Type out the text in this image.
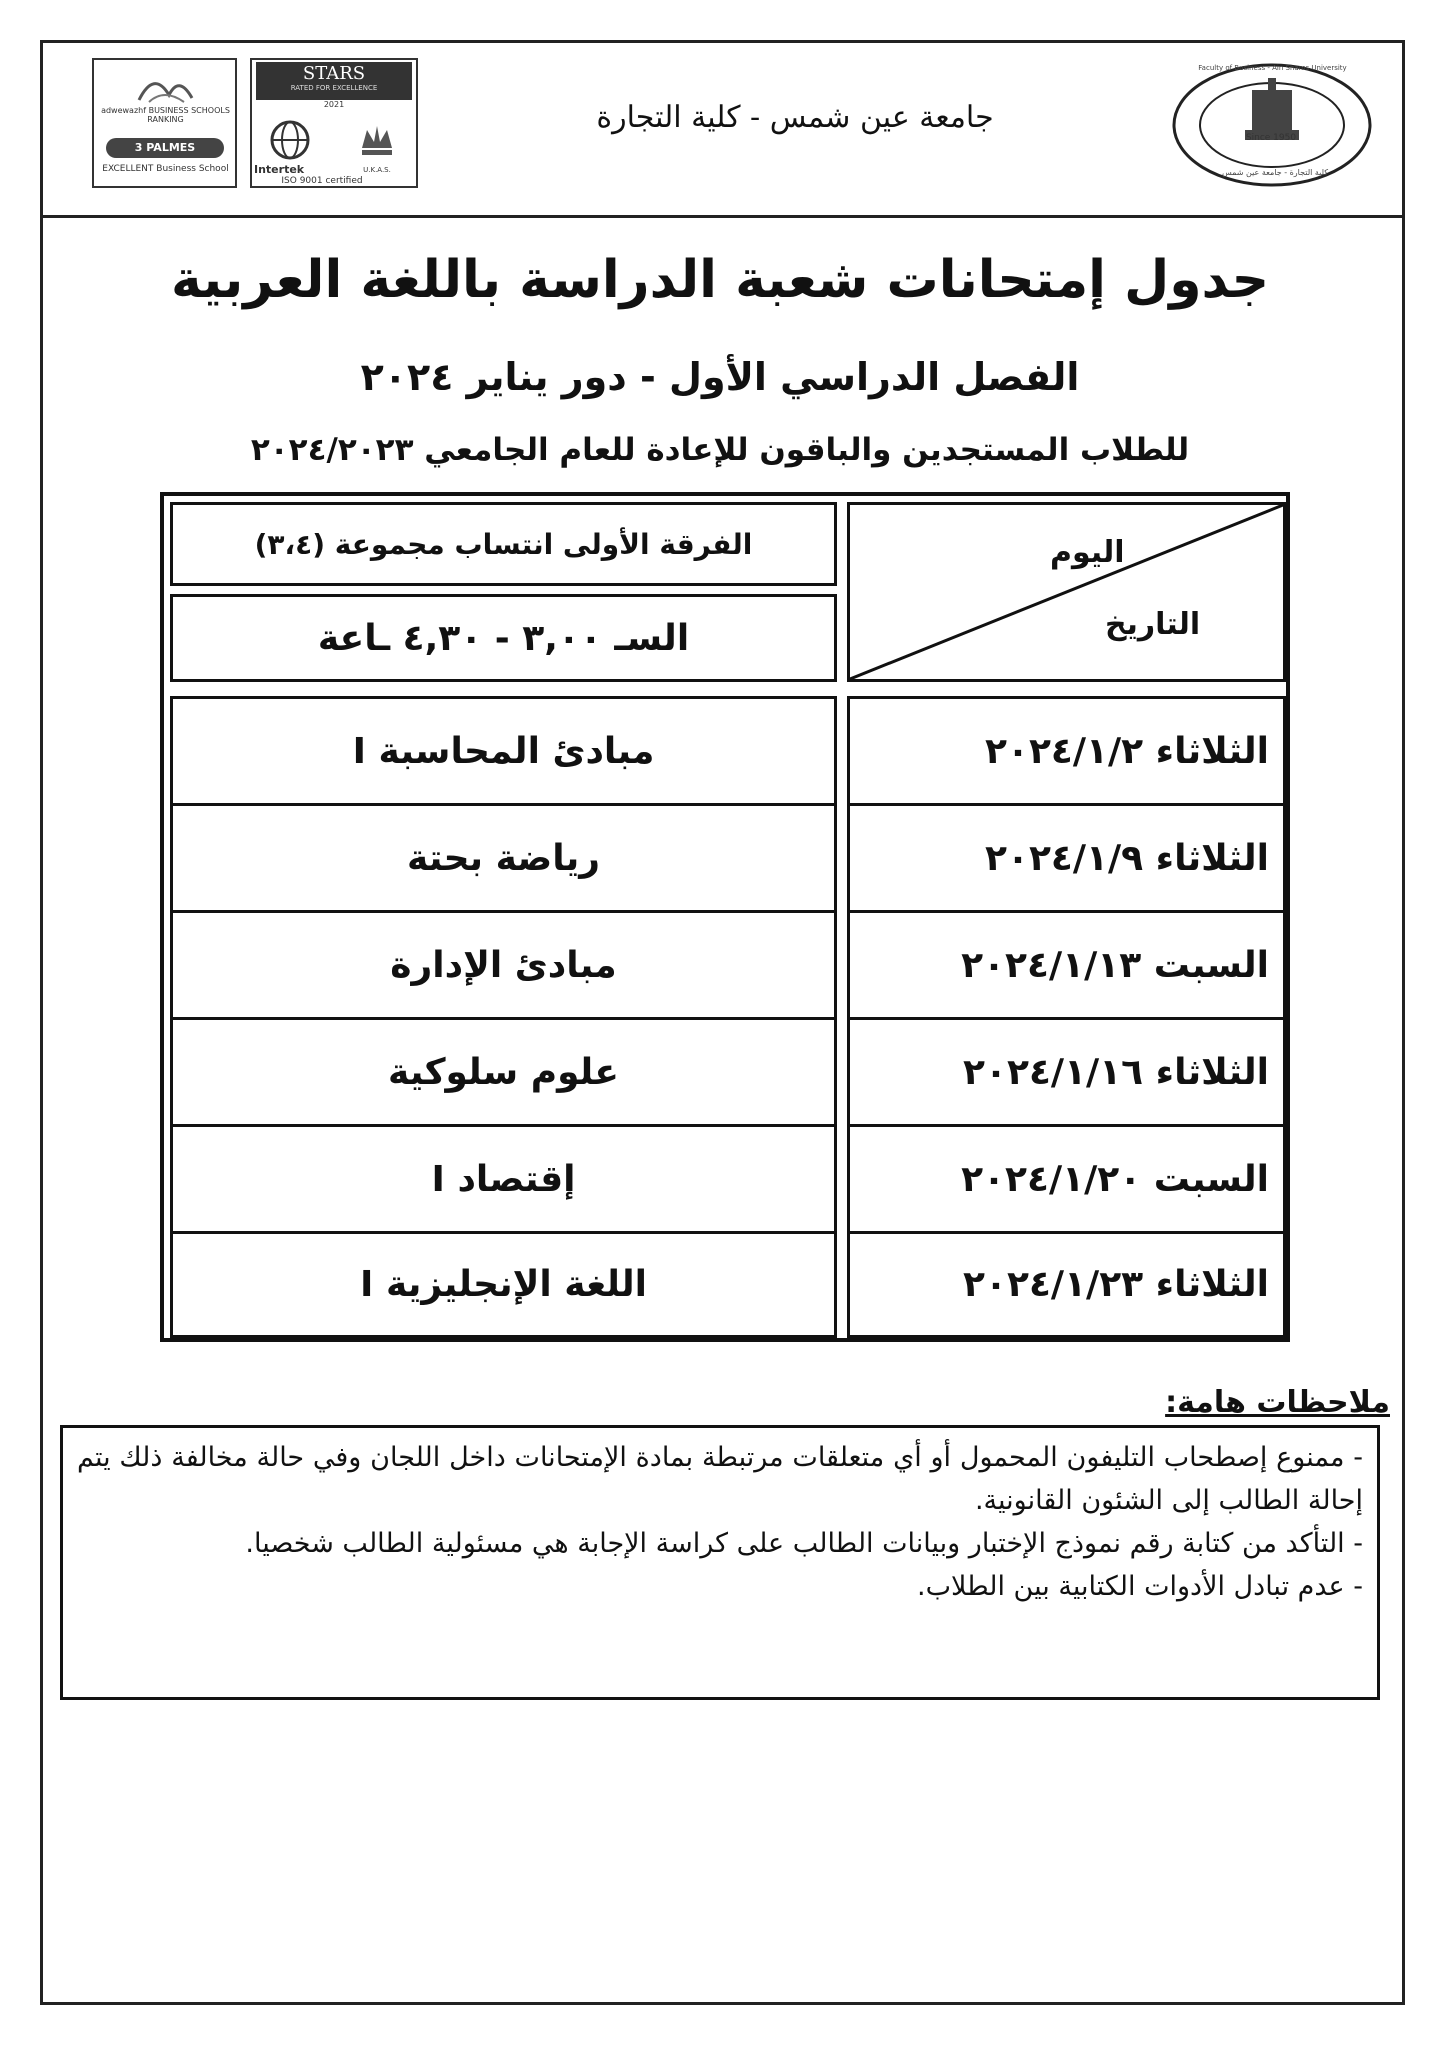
adwewazhf BUSINESS SCHOOLS RANKING
3 PALMES
EXCELLENT Business School
STARS
RATED FOR EXCELLENCE
2021
U.K.A.S.
Intertek
ISO 9001 certified
جامعة عين شمس - كلية التجارة
Since 1950
Faculty of Business - Ain Shams University
كلية التجارة - جامعة عين شمس
جدول إمتحانات شعبة الدراسة باللغة العربية
الفصل الدراسي الأول - دور يناير ٢٠٢٤
للطلاب المستجدين والباقون للإعادة للعام الجامعي ٢٠٢٤/٢٠٢٣
اليوم
التاريخ
الثلاثاء ٢٠٢٤/١/٢
الثلاثاء ٢٠٢٤/١/٩
السبت ٢٠٢٤/١/١٣
الثلاثاء ٢٠٢٤/١/١٦
السبت ٢٠٢٤/١/٢٠
الثلاثاء ٢٠٢٤/١/٢٣
الفرقة الأولى انتساب مجموعة (٣،٤)
السـ ٣,٠٠ - ٤,٣٠ ـاعة
مبادئ المحاسبة I
رياضة بحتة
مبادئ الإدارة
علوم سلوكية
إقتصاد I
اللغة الإنجليزية I
ملاحظات هامة:
- ممنوع إصطحاب التليفون المحمول أو أي متعلقات مرتبطة بمادة الإمتحانات داخل اللجان وفي حالة مخالفة ذلك يتم إحالة الطالب إلى الشئون القانونية.
- التأكد من كتابة رقم نموذج الإختبار وبيانات الطالب على كراسة الإجابة هي مسئولية الطالب شخصيا.
- عدم تبادل الأدوات الكتابية بين الطلاب.
